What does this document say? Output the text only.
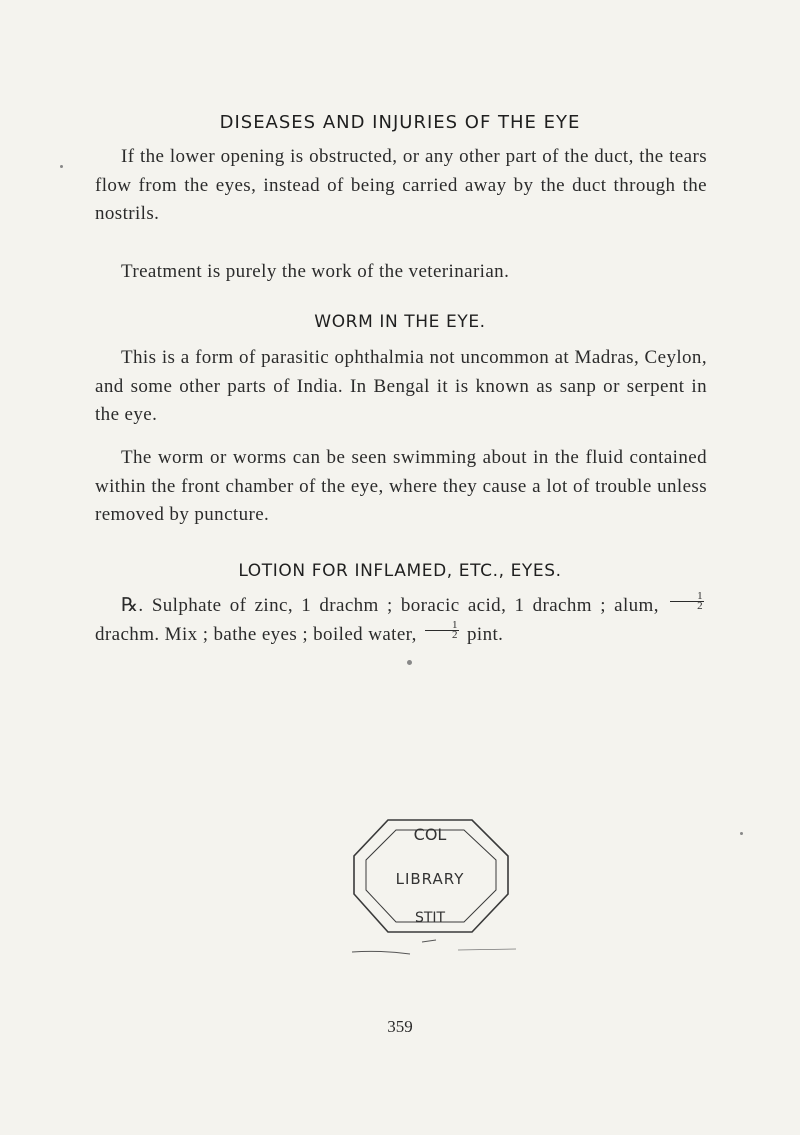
DISEASES AND INJURIES OF THE EYE

If the lower opening is obstructed, or any other part of the duct, the tears flow from the eyes, instead of being carried away by the duct through the nostrils.

Treatment is purely the work of the veterinarian.

WORM IN THE EYE.

This is a form of parasitic ophthalmia not uncommon at Madras, Ceylon, and some other parts of India. In Bengal it is known as sanp or serpent in the eye.

The worm or worms can be seen swimming about in the fluid contained within the front chamber of the eye, where they cause a lot of trouble unless removed by puncture.

LOTION FOR INFLAMED, ETC., EYES.

℞. Sulphate of zinc, 1 drachm ; boracic acid, 1 drachm ; alum, $\frac{1}{2}$
drachm. Mix ; bathe eyes ; boiled water, $\frac{1}{2}$ pint.

COL
LIBRARY
STIT
359
